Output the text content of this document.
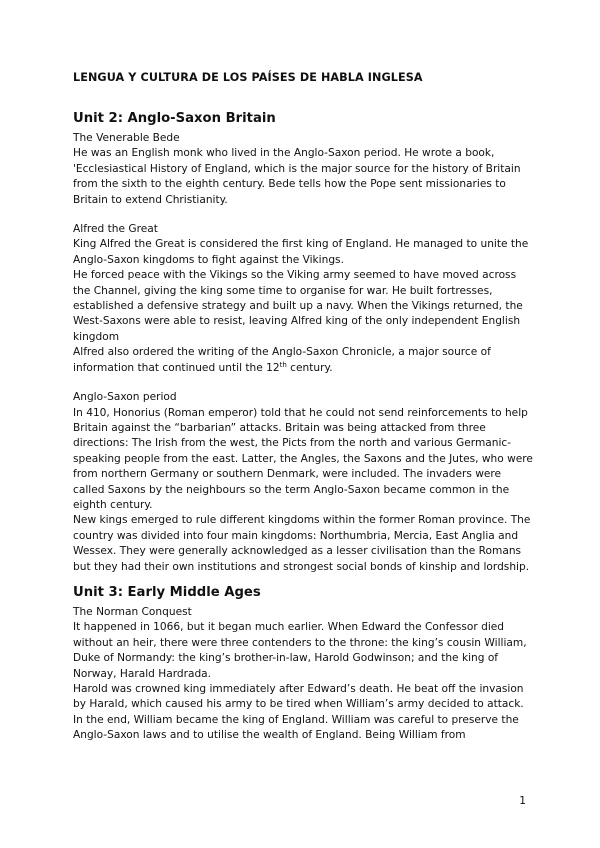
LENGUA Y CULTURA DE LOS PAÍSES DE HABLA INGLESA
Unit 2: Anglo-Saxon Britain

The Venerable Bede

He was an English monk who lived in the Anglo-Saxon period. He wrote a book, 'Ecclesiastical History of England, which is the major source for the history of Britain from the sixth to the eighth century. Bede tells how the Pope sent missionaries to Britain to extend Christianity.

Alfred the Great

King Alfred the Great is considered the first king of England. He managed to unite the Anglo-Saxon kingdoms to fight against the Vikings.

He forced peace with the Vikings so the Viking army seemed to have moved across the Channel, giving the king some time to organise for war. He built fortresses, established a defensive strategy and built up a navy. When the Vikings returned, the West-Saxons were able to resist, leaving Alfred king of the only independent English kingdom

Alfred also ordered the writing of the Anglo-Saxon Chronicle, a major source of information that continued until the 12th century.

Anglo-Saxon period

In 410, Honorius (Roman emperor) told that he could not send reinforcements to help Britain against the “barbarian” attacks. Britain was being attacked from three directions: The Irish from the west, the Picts from the north and various Germanic-speaking people from the east. Latter, the Angles, the Saxons and the Jutes, who were from northern Germany or southern Denmark, were included. The invaders were called Saxons by the neighbours so the term Anglo-Saxon became common in the eighth century.

New kings emerged to rule different kingdoms within the former Roman province. The country was divided into four main kingdoms: Northumbria, Mercia, East Anglia and Wessex. They were generally acknowledged as a lesser civilisation than the Romans but they had their own institutions and strongest social bonds of kinship and lordship.

Unit 3: Early Middle Ages

The Norman Conquest

It happened in 1066, but it began much earlier. When Edward the Confessor died without an heir, there were three contenders to the throne: the king’s cousin William, Duke of Normandy: the king’s brother-in-law, Harold Godwinson; and the king of Norway, Harald Hardrada.

Harold was crowned king immediately after Edward’s death. He beat off the invasion by Harald, which caused his army to be tired when William’s army decided to attack.

In the end, William became the king of England. William was careful to preserve the Anglo-Saxon laws and to utilise the wealth of England. Being William from

1
